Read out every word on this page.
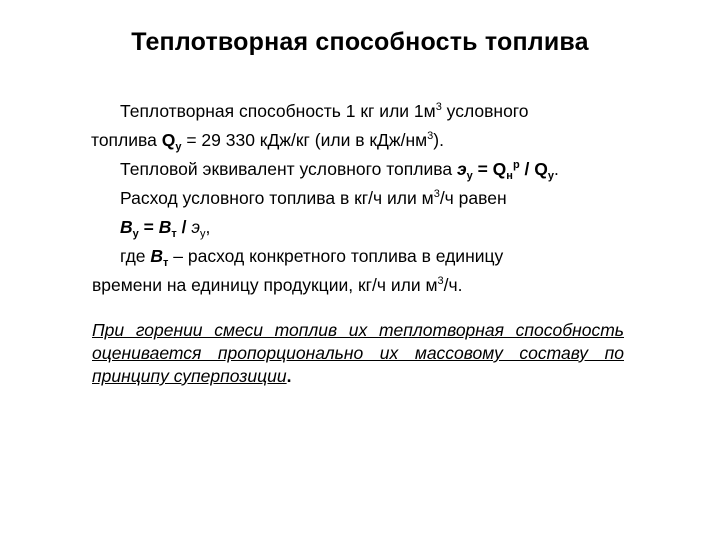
Теплотворная способность топлива
Теплотворная способность 1 кг или $1м^3$ условного
топлива $Q_у = 29$ 330 кДж/кг (или в кДж/$нм^3$).
Тепловой эквивалент условного топлива $э_у = Q_н^р / Q_у$.
Расход условного топлива в кг/ч или $м^3/ч$ равен
$B_у = В_т / э_у$,
где $В_т$ – расход конкретного топлива в единицу
времени на единицу продукции, кг/ч или $м^3/ч$.
При горении смеси топлив их теплотворная способность оценивается пропорционально их массовому составу по принципу суперпозиции.
